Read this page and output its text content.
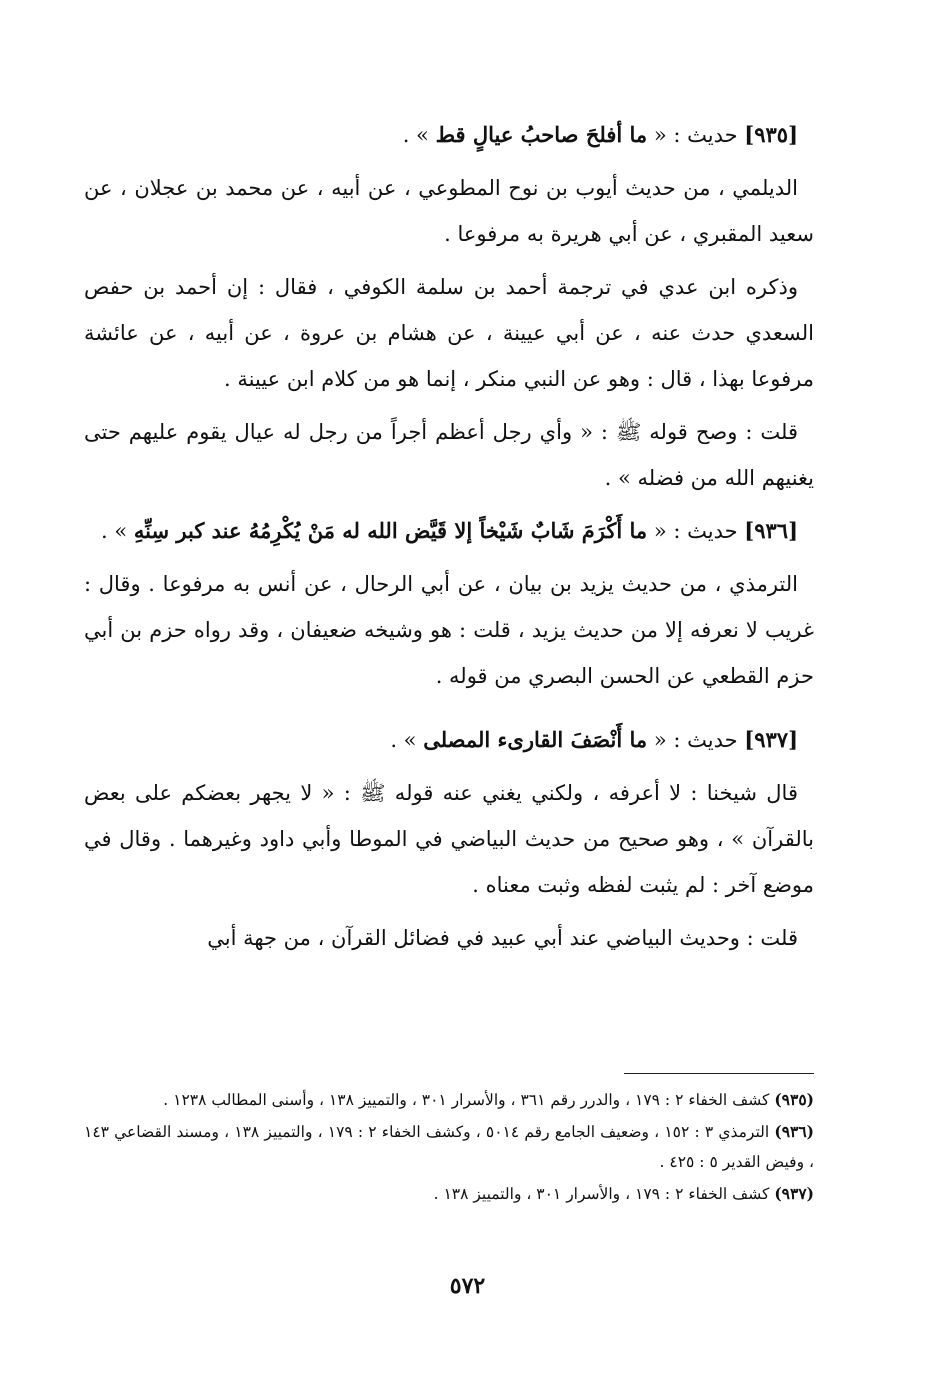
[٩٣٥] حديث : « ما أفلحَ صاحبُ عيالٍ قط » .

الديلمي ، من حديث أيوب بن نوح المطوعي ، عن أبيه ، عن محمد بن عجلان ، عن سعيد المقبري ، عن أبي هريرة به مرفوعا .

وذكره ابن عدي في ترجمة أحمد بن سلمة الكوفي ، فقال : إن أحمد بن حفص السعدي حدث عنه ، عن أبي عيينة ، عن هشام بن عروة ، عن أبيه ، عن عائشة مرفوعا بهذا ، قال : وهو عن النبي منكر ، إنما هو من كلام ابن عيينة .

قلت : وصح قوله ﷺ : « وأي رجل أعظم أجراً من رجل له عيال يقوم عليهم حتى يغنيهم الله من فضله » .

[٩٣٦] حديث : « ما أَكْرَمَ شَابٌ شَيْخاً إلا قَيَّض الله له مَنْ يُكْرِمُهُ عند كبر سِنِّهِ » .

الترمذي ، من حديث يزيد بن بيان ، عن أبي الرحال ، عن أنس به مرفوعا . وقال : غريب لا نعرفه إلا من حديث يزيد ، قلت : هو وشيخه ضعيفان ، وقد رواه حزم بن أبي حزم القطعي عن الحسن البصري من قوله .

[٩٣٧] حديث : « ما أَنْصَفَ القارىء المصلى » .

قال شيخنا : لا أعرفه ، ولكني يغني عنه قوله ﷺ : « لا يجهر بعضكم على بعض بالقرآن » ، وهو صحيح من حديث البياضي في الموطا وأبي داود وغيرهما . وقال في موضع آخر : لم يثبت لفظه وثبت معناه .

قلت : وحديث البياضي عند أبي عبيد في فضائل القرآن ، من جهة أبي

(٩٣٥) كشف الخفاء ٢ : ١٧٩ ، والدرر رقم ٣٦١ ، والأسرار ٣٠١ ، والتمييز ١٣٨ ، وأسنى المطالب ١٢٣٨ .
(٩٣٦) الترمذي ٣ : ١٥٢ ، وضعيف الجامع رقم ٥٠١٤ ، وكشف الخفاء ٢ : ١٧٩ ، والتمييز ١٣٨ ، ومسند القضاعي ١٤٣ ، وفيض القدير ٥ : ٤٢٥ .
(٩٣٧) كشف الخفاء ٢ : ١٧٩ ، والأسرار ٣٠١ ، والتمييز ١٣٨ .
٥٧٢
